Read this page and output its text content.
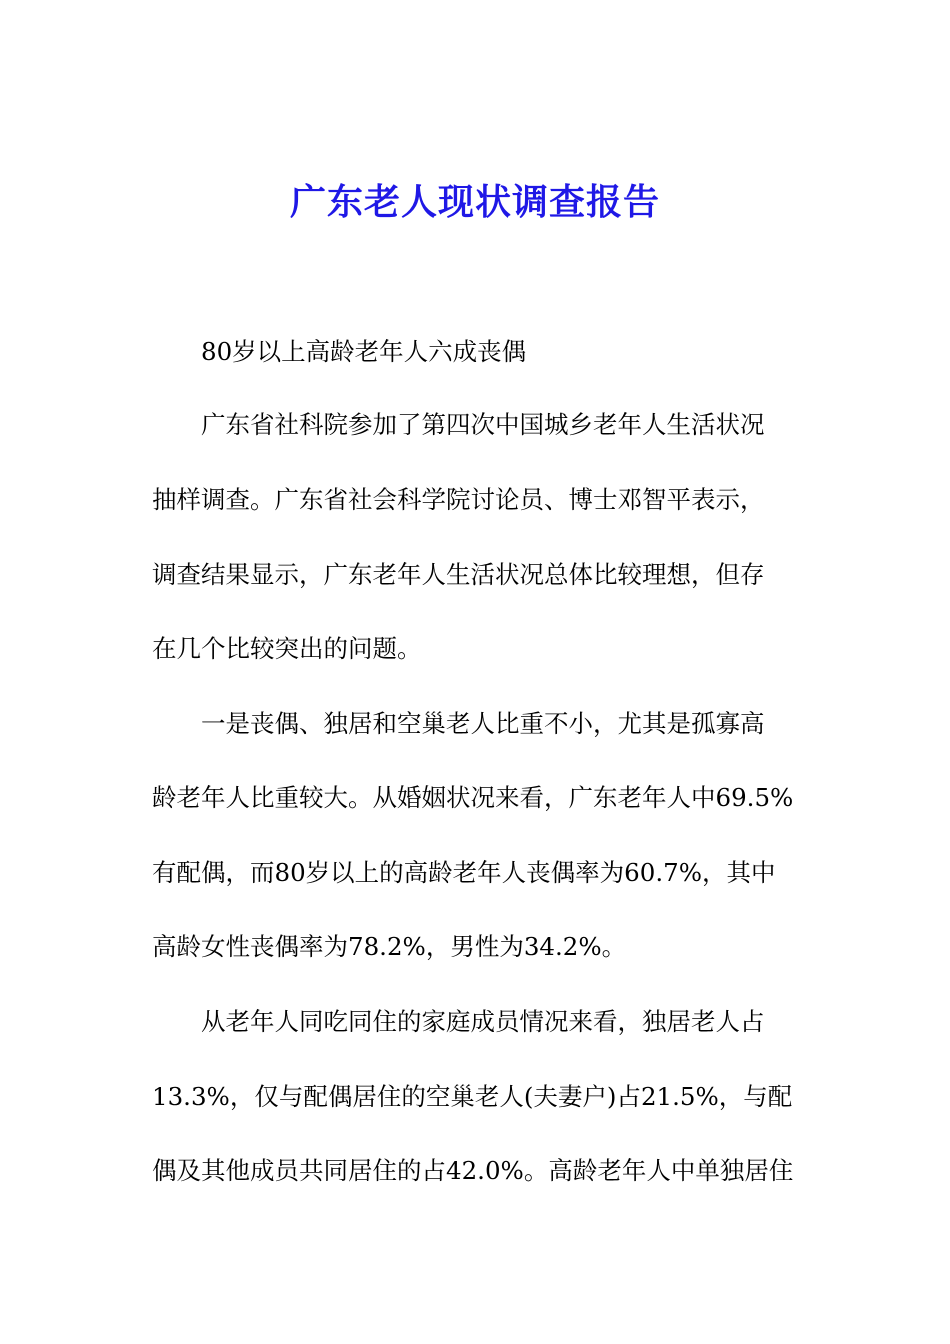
广东老人现状调查报告

80岁以上高龄老年人六成丧偶

广东省社科院参加了第四次中国城乡老年人生活状况

抽样调查。广东省社会科学院讨论员、博士邓智平表示，

调查结果显示，广东老年人生活状况总体比较理想，但存

在几个比较突出的问题。

一是丧偶、独居和空巢老人比重不小，尤其是孤寡高

龄老年人比重较大。从婚姻状况来看，广东老年人中69.5%

有配偶，而80岁以上的高龄老年人丧偶率为60.7%，其中

高龄女性丧偶率为78.2%，男性为34.2%。

从老年人同吃同住的家庭成员情况来看，独居老人占

13.3%，仅与配偶居住的空巢老人(夫妻户)占21.5%，与配

偶及其他成员共同居住的占42.0%。高龄老年人中单独居住
